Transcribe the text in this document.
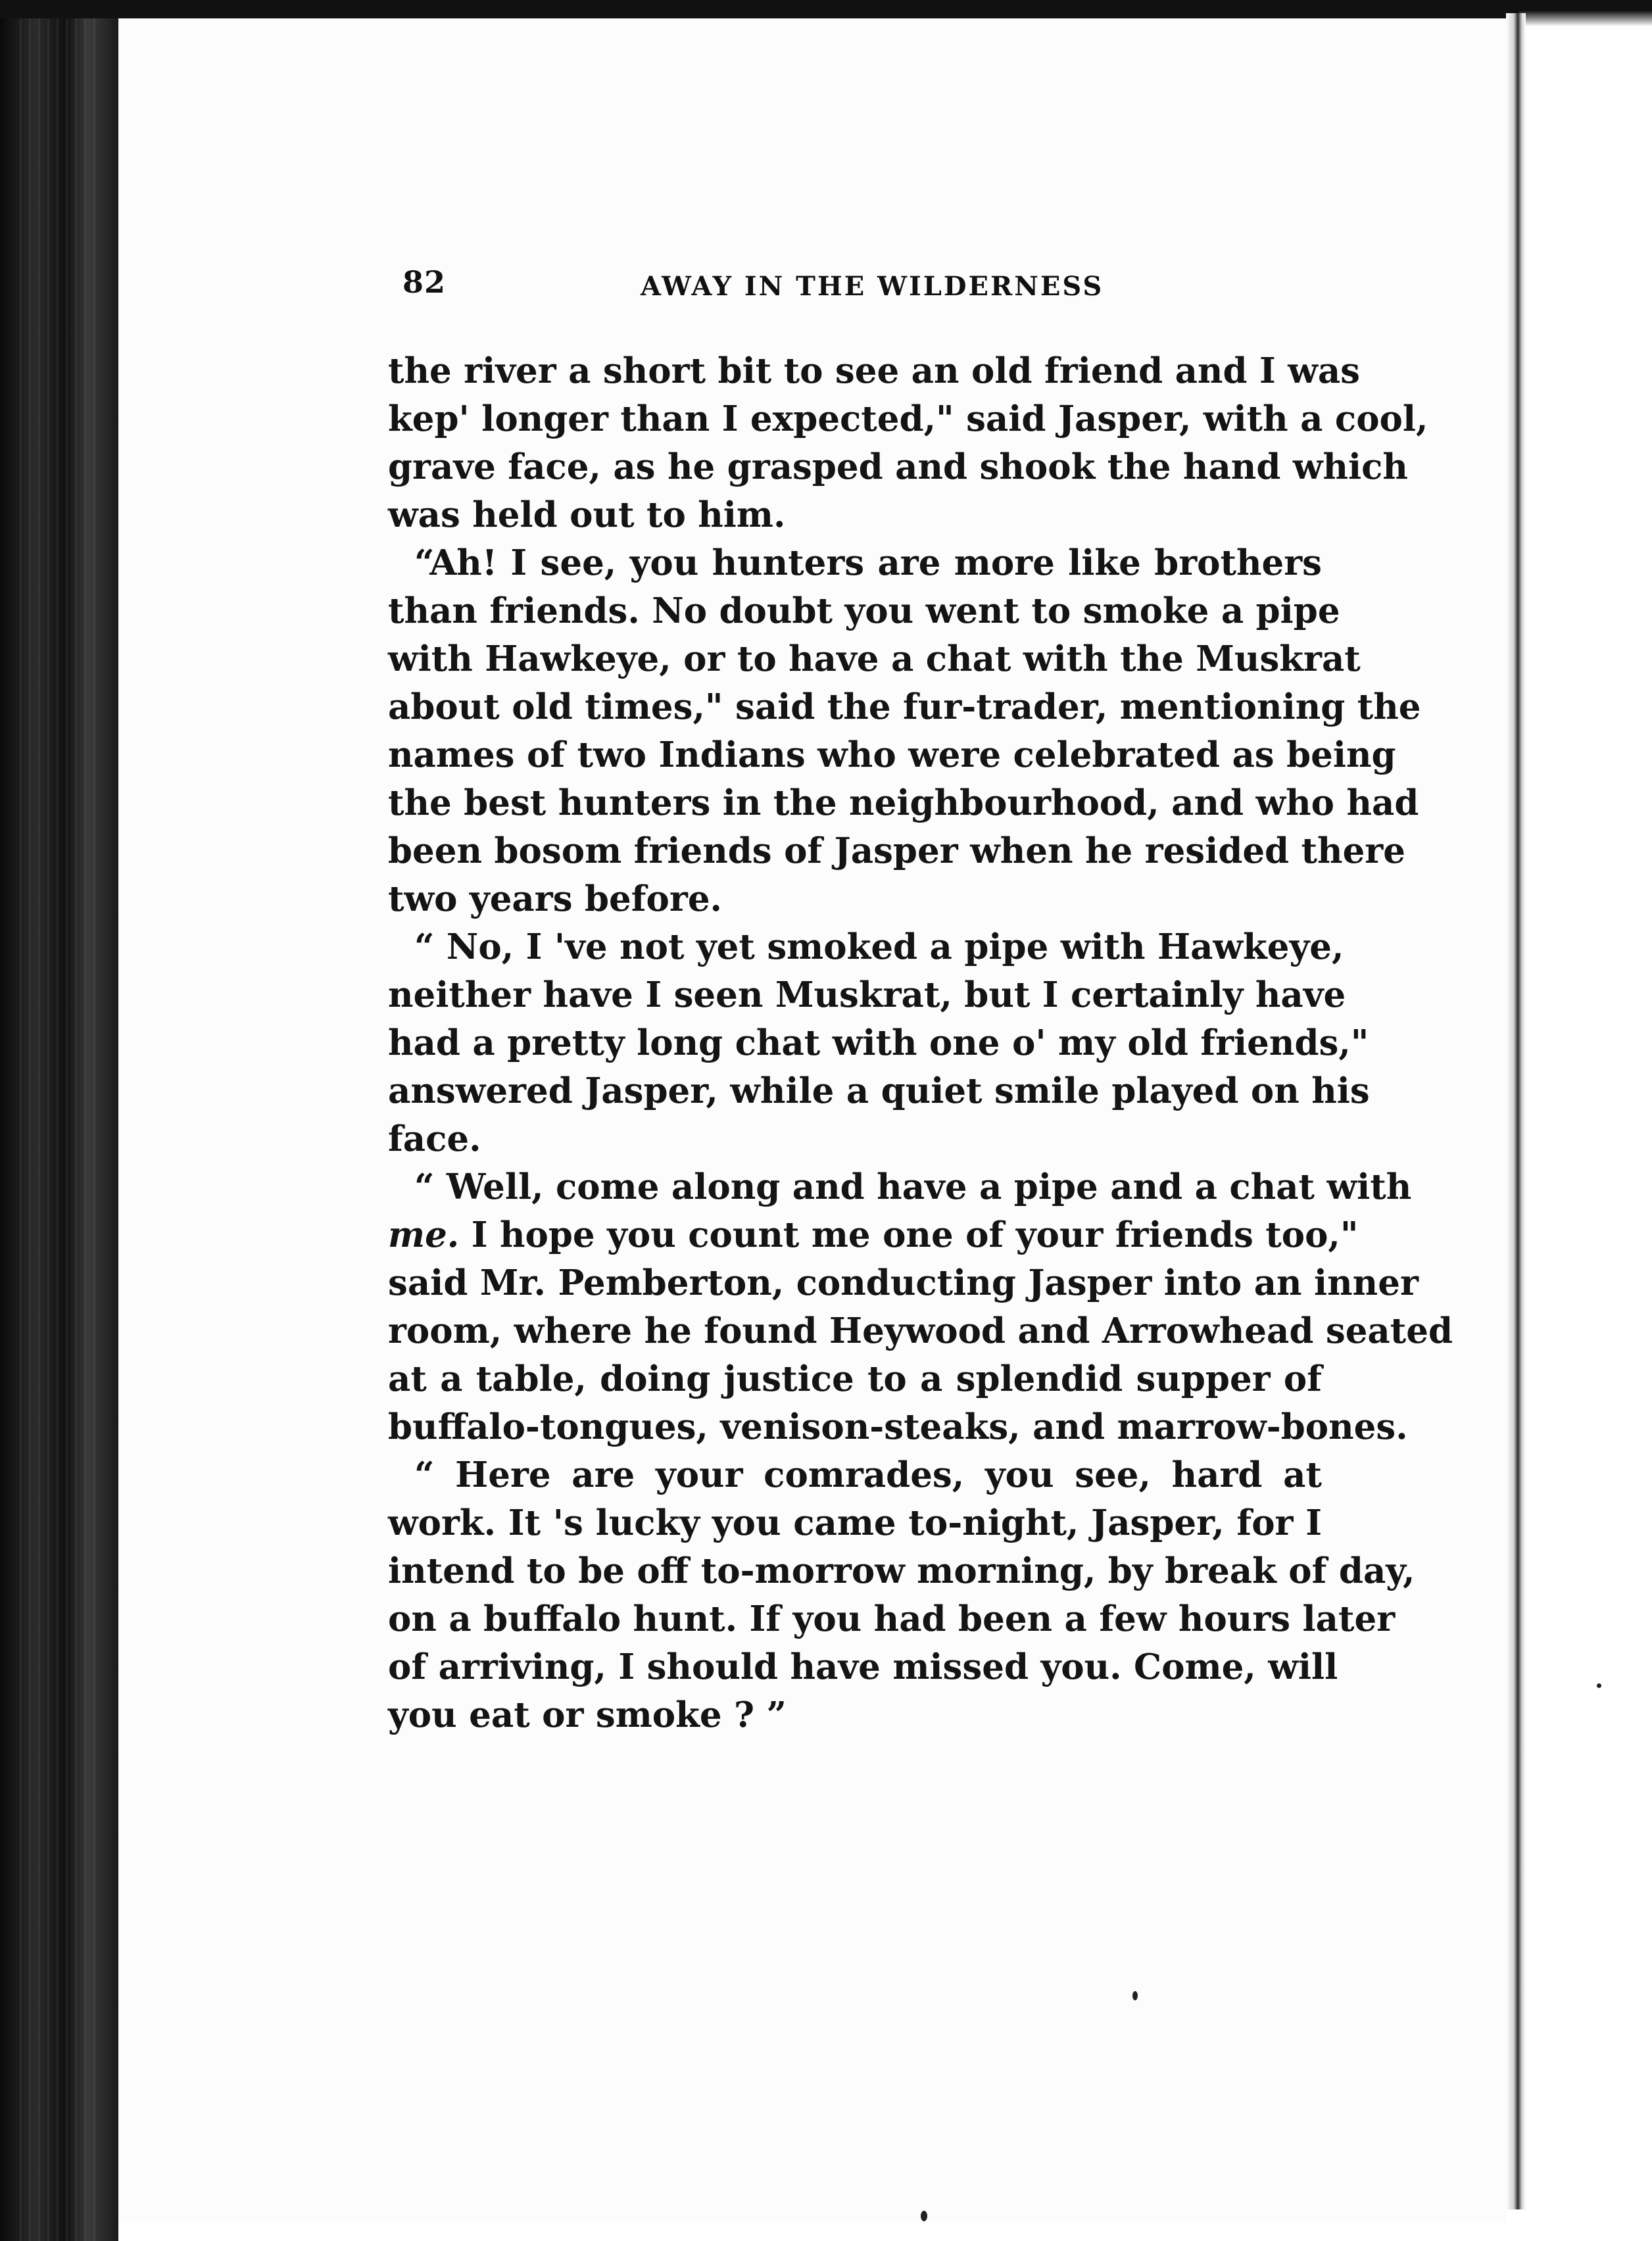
82	AWAY IN THE WILDERNESS
the river a short bit to see an old friend and I was
kep' longer than I expected," said Jasper, with a cool,
grave face, as he grasped and shook the hand which
was held out to him.
“Ah! I see, you hunters are more like brothers
than friends. No doubt you went to smoke a pipe
with Hawkeye, or to have a chat with the Muskrat
about old times," said the fur-trader, mentioning the
names of two Indians who were celebrated as being
the best hunters in the neighbourhood, and who had
been bosom friends of Jasper when he resided there
two years before.
“ No, I 've not yet smoked a pipe with Hawkeye,
neither have I seen Muskrat, but I certainly have
had a pretty long chat with one o' my old friends,"
answered Jasper, while a quiet smile played on his
face.
“ Well, come along and have a pipe and a chat with
me. I hope you count me one of your friends too,"
said Mr. Pemberton, conducting Jasper into an inner
room, where he found Heywood and Arrowhead seated
at a table, doing justice to a splendid supper of
buffalo-tongues, venison-steaks, and marrow-bones.
“ Here are your comrades, you see, hard at
work. It 's lucky you came to-night, Jasper, for I
intend to be off to-morrow morning, by break of day,
on a buffalo hunt. If you had been a few hours later
of arriving, I should have missed you. Come, will
you eat or smoke ? ”
